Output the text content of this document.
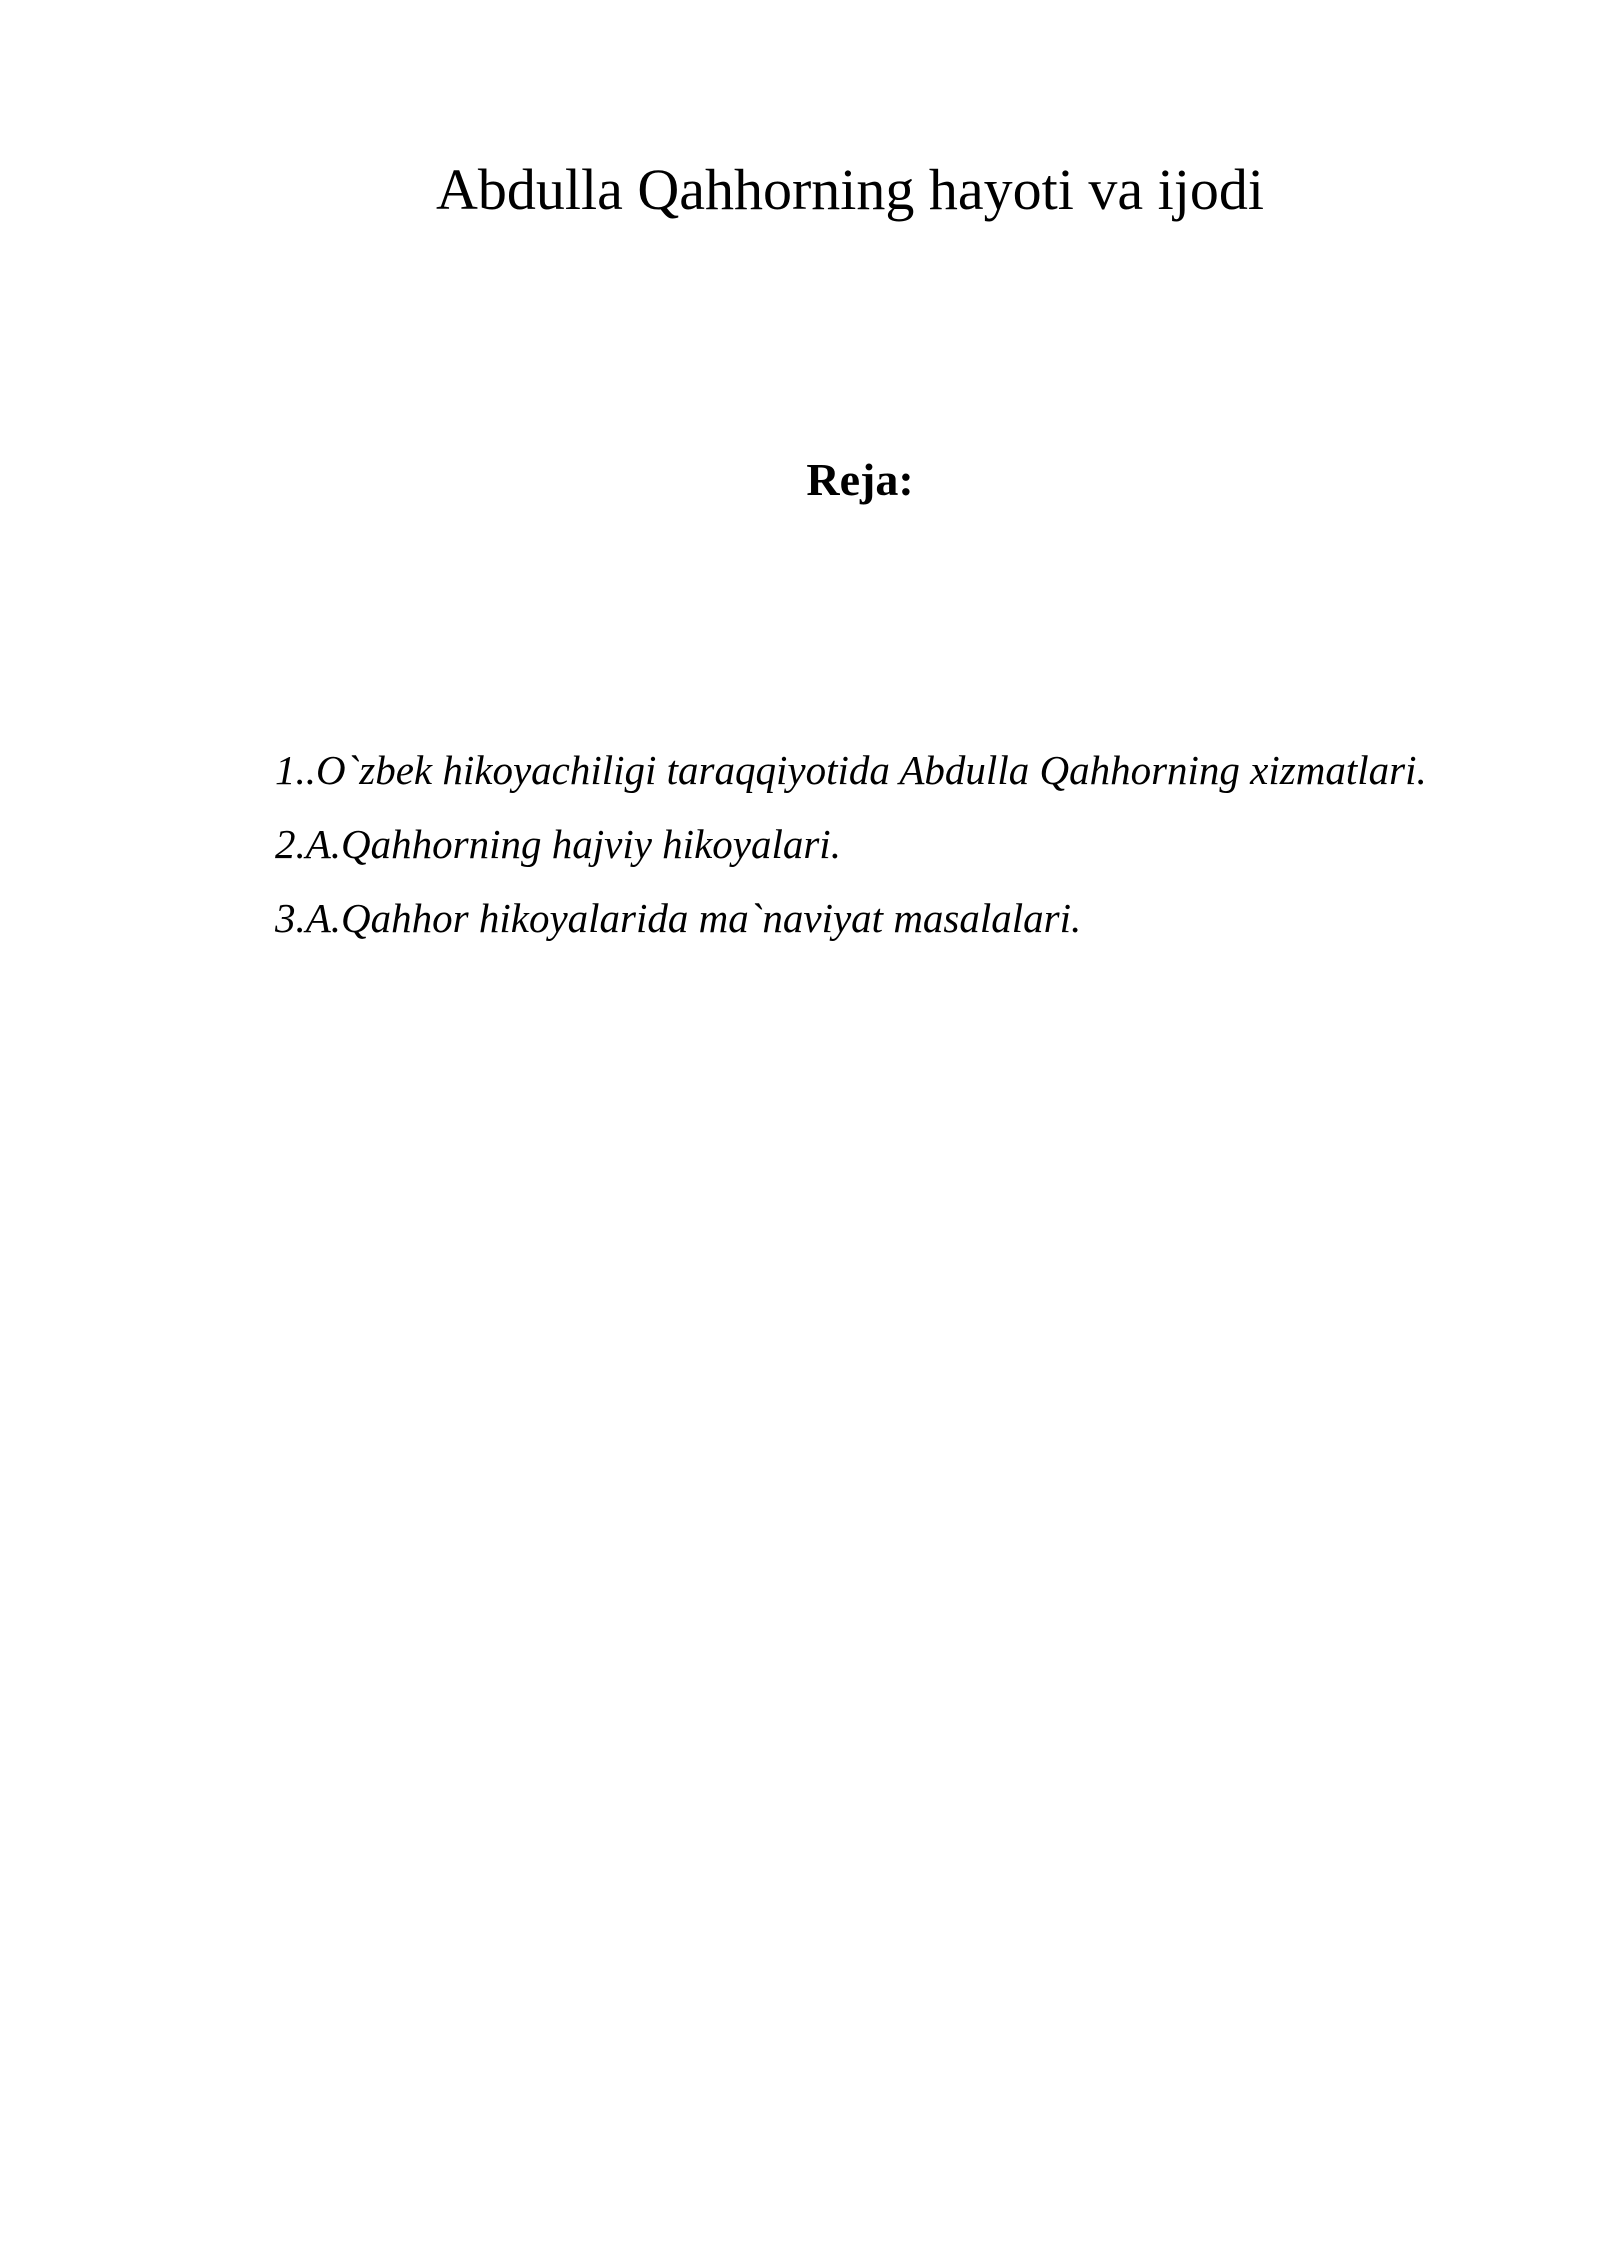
Abdulla Qahhorning hayoti va ijodi
Reja:
1..O`zbek hikoyachiligi taraqqiyotida Abdulla Qahhorning xizmatlari.
2.A.Qahhorning hajviy hikoyalari.
3.A.Qahhor hikoyalarida ma`naviyat masalalari.
